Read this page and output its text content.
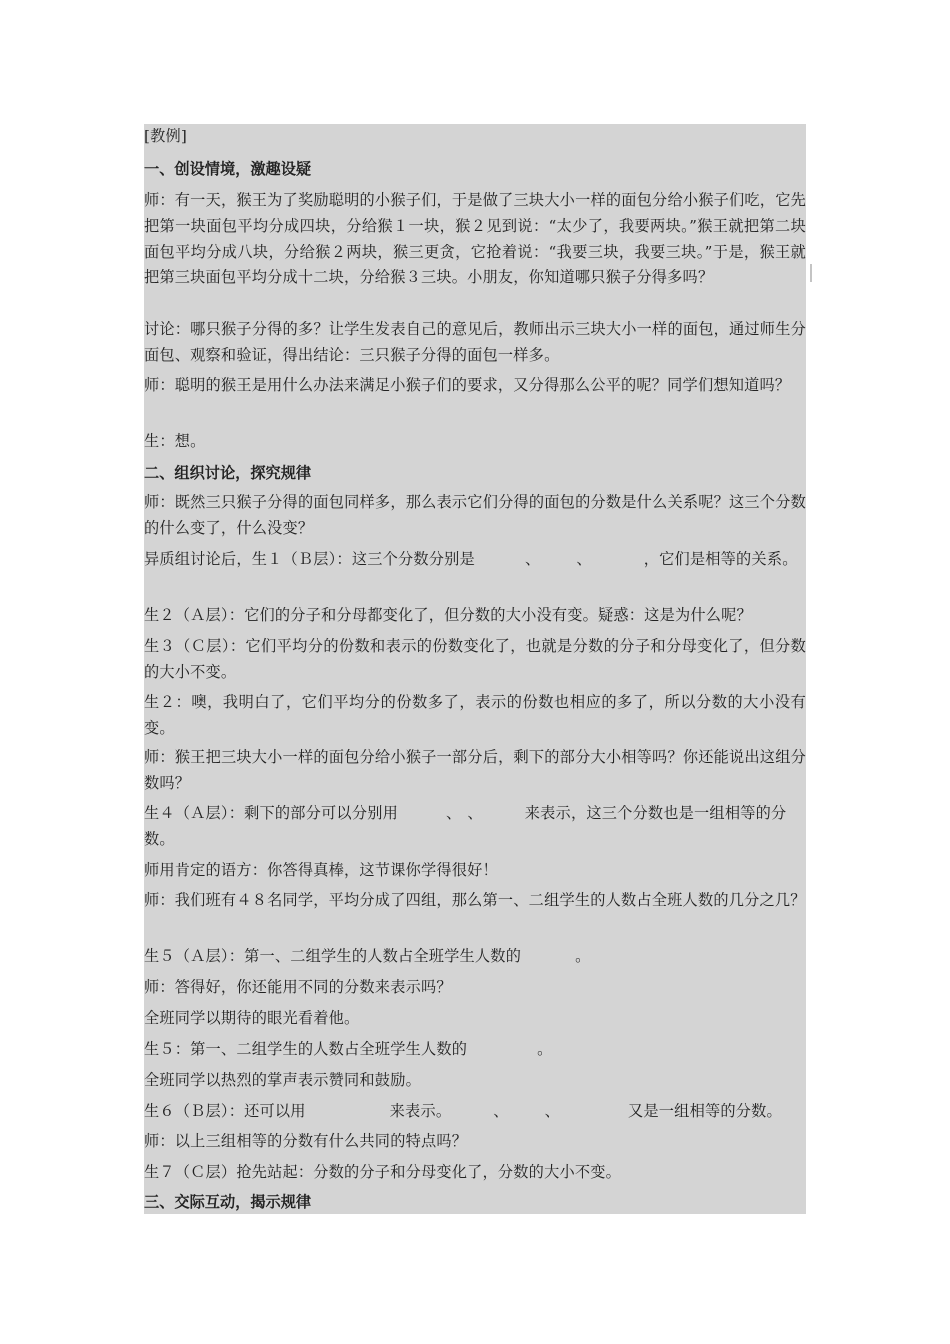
[教例]

一、创设情境，激趣设疑

师：有一天，猴王为了奖励聪明的小猴子们，于是做了三块大小一样的面包分给小猴子们吃，它先把第一块面包平均分成四块，分给猴１一块，猴２见到说：“太少了，我要两块。”猴王就把第二块面包平均分成八块，分给猴２两块，猴三更贪，它抢着说：“我要三块，我要三块。”于是，猴王就把第三块面包平均分成十二块，分给猴３三块。小朋友，你知道哪只猴子分得多吗？

讨论：哪只猴子分得的多？让学生发表自己的意见后，教师出示三块大小一样的面包，通过师生分面包、观察和验证，得出结论：三只猴子分得的面包一样多。

师：聪明的猴王是用什么办法来满足小猴子们的要求，又分得那么公平的呢？同学们想知道吗？

生：想。

二、组织讨论，探究规律

师：既然三只猴子分得的面包同样多，那么表示它们分得的面包的分数是什么关系呢？这三个分数的什么变了，什么没变？

异质组讨论后，生１（Ｂ层）：这三个分数分别是	、 、	，它们是相等的关系。

生２（Ａ层）：它们的分子和分母都变化了，但分数的大小没有变。疑惑：这是为什么呢？

生３（Ｃ层）：它们平均分的份数和表示的份数变化了，也就是分数的分子和分母变化了，但分数的大小不变。

生２：噢，我明白了，它们平均分的份数多了，表示的份数也相应的多了，所以分数的大小没有变。

师：猴王把三块大小一样的面包分给小猴子一部分后，剩下的部分大小相等吗？你还能说出这组分数吗？

生４（Ａ层）：剩下的部分可以分别用	、 、	来表示，这三个分数也是一组相等的分数。

师用肯定的语方：你答得真棒，这节课你学得很好！

师：我们班有４８名同学，平均分成了四组，那么第一、二组学生的人数占全班人数的几分之几？

生５（Ａ层）：第一、二组学生的人数占全班学生人数的	。

师：答得好，你还能用不同的分数来表示吗？

全班同学以期待的眼光看着他。

生５：第一、二组学生的人数占全班学生人数的	。

全班同学以热烈的掌声表示赞同和鼓励。

生６（Ｂ层）：还可以用	来表示。	、 、	又是一组相等的分数。

师：以上三组相等的分数有什么共同的特点吗？

生７（Ｃ层）抢先站起：分数的分子和分母变化了，分数的大小不变。

三、交际互动，揭示规律
